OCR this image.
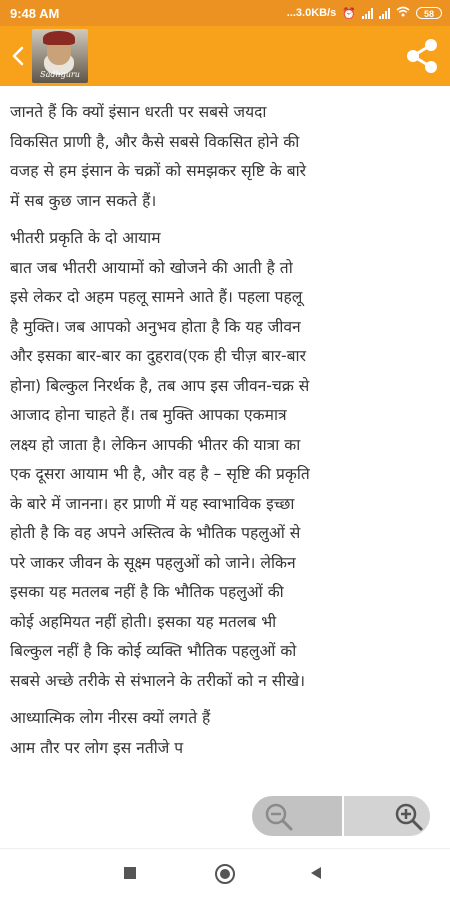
9:48 AM	...3.0KB/s ⏰	58
Sadhguru

जानते हैं कि क्यों इंसान धरती पर सबसे जयदा
विकसित प्राणी है, और कैसे सबसे विकसित होने की
वजह से हम इंसान के चक्रों को समझकर सृष्टि के बारे
में सब कुछ जान सकते हैं।

भीतरी प्रकृति के दो आयाम
बात जब भीतरी आयामों को खोजने की आती है तो
इसे लेकर दो अहम पहलू सामने आते हैं। पहला पहलू
है मुक्ति। जब आपको अनुभव होता है कि यह जीवन
और इसका बार-बार का दुहराव(एक ही चीज़ बार-बार
होना) बिल्कुल निरर्थक है, तब आप इस जीवन-चक्र से
आजाद होना चाहते हैं। तब मुक्ति आपका एकमात्र
लक्ष्य हो जाता है। लेकिन आपकी भीतर की यात्रा का
एक दूसरा आयाम भी है, और वह है – सृष्टि की प्रकृति
के बारे में जानना। हर प्राणी में यह स्वाभाविक इच्छा
होती है कि वह अपने अस्तित्व के भौतिक पहलुओं से
परे जाकर जीवन के सूक्ष्म पहलुओं को जाने। लेकिन
इसका यह मतलब नहीं है कि भौतिक पहलुओं की
कोई अहमियत नहीं होती। इसका यह मतलब भी
बिल्कुल नहीं है कि कोई व्यक्ति भौतिक पहलुओं को
सबसे अच्छे तरीके से संभालने के तरीकों को न सीखे।

आध्यात्मिक लोग नीरस क्यों लगते हैं
आम तौर पर लोग इस नतीजे प
